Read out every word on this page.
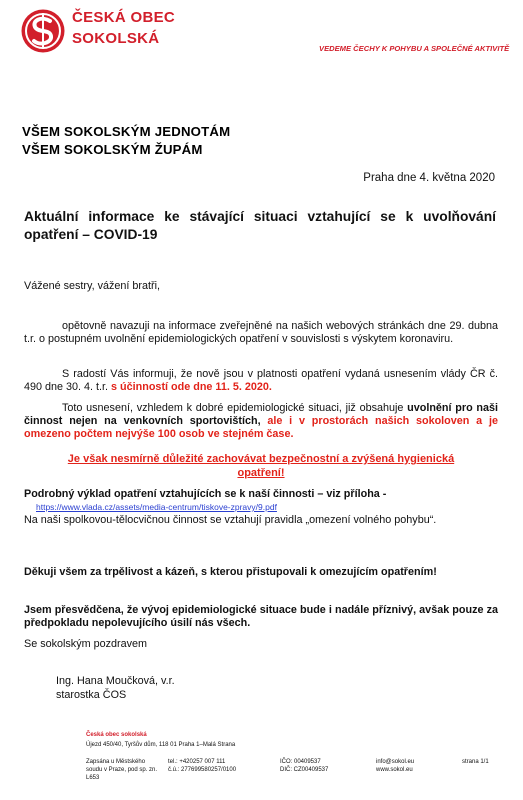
ČESKÁ OBEC
SOKOLSKÁ
VEDEME ČECHY K POHYBU A SPOLEČNÉ AKTIVITĚ
VŠEM SOKOLSKÝM JEDNOTÁM
VŠEM SOKOLSKÝM ŽUPÁM
Praha dne 4. května 2020
Aktuální informace ke stávající situaci vztahující se k uvolňování opatření – COVID-19
Vážené sestry, vážení bratři,
opětovně navazuji na informace zveřejněné na našich webových stránkách dne 29. dubna t.r. o postupném uvolnění epidemiologických opatření v souvislosti s výskytem koronaviru.
S radostí Vás informuji, že nově jsou v platnosti opatření vydaná usnesením vlády ČR č. 490 dne 30. 4. t.r. s účinností ode dne 11. 5. 2020.
Toto usnesení, vzhledem k dobré epidemiologické situaci, již obsahuje uvolnění pro naši činnost nejen na venkovních sportovištích, ale i v prostorách našich sokoloven a je omezeno počtem nejvýše 100 osob ve stejném čase.
Je však nesmírně důležité zachovávat bezpečnostní a zvýšená hygienická opatření!
Podrobný výklad opatření vztahujících se k naší činnosti – viz příloha -
https://www.vlada.cz/assets/media-centrum/tiskove-zpravy/9.pdf
Na naši spolkovou-tělocvičnou činnost se vztahují pravidla „omezení volného pohybu“.
Děkuji všem za trpělivost a kázeň, s kterou přistupovali k omezujícím opatřením!
Jsem přesvědčena, že vývoj epidemiologické situace bude i nadále příznivý, avšak pouze za předpokladu nepolevujícího úsilí nás všech.
Se sokolským pozdravem
Ing. Hana Moučková, v.r.
starostka ČOS
Česká obec sokolská
Újezd 450/40, Tyršův dům, 118 01 Praha 1–Malá Strana
Zapsána u Městského
soudu v Praze, pod sp. zn.
L653
tel.: +420257 007 111
č.ú.: 277699580257/0100
IČO: 00409537
DIČ: CZ00409537
info@sokol.eu
www.sokol.eu
strana 1/1
